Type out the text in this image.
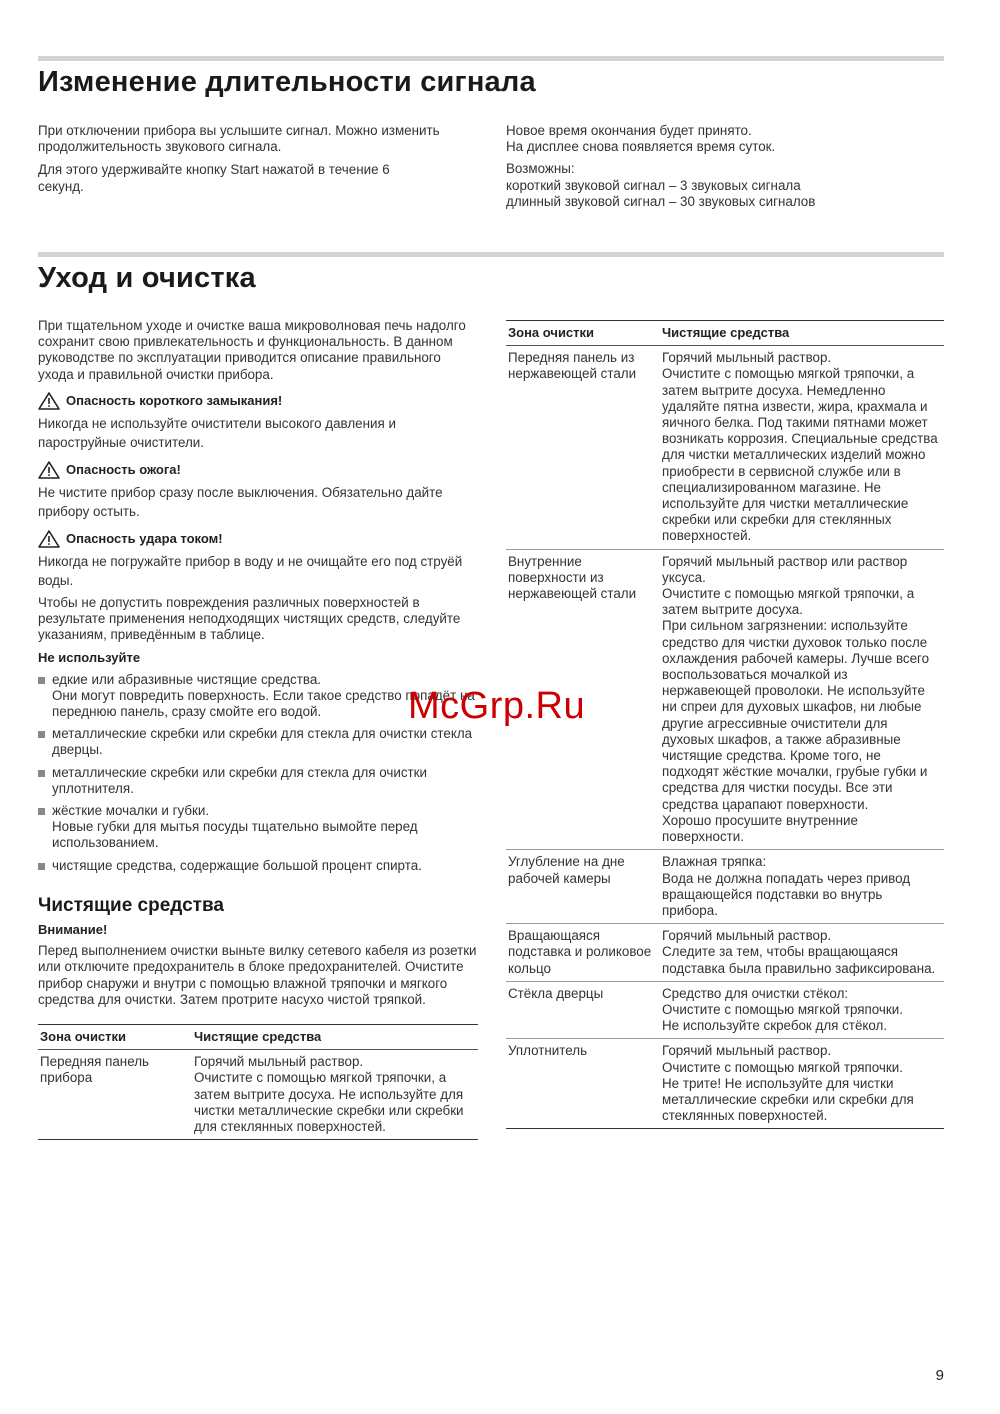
Изменение длительности сигнала

При отключении прибора вы услышите сигнал. Можно изменить продолжительность звукового сигнала.

Для этого удерживайте кнопку Start нажатой в течение 6 секунд.

Новое время окончания будет принято.
На дисплее снова появляется время суток.

Возможны:
короткий звуковой сигнал – 3 звуковых сигнала
длинный звуковой сигнал – 30 звуковых сигналов

Уход и очистка

При тщательном уходе и очистке ваша микроволновая печь надолго сохранит свою привлекательность и функциональность. В данном руководстве по эксплуатации приводится описание правильного ухода и правильной очистки прибора.

Опасность короткого замыкания!

Никогда не используйте очистители высокого давления и пароструйные очистители.

Опасность ожога!

Не чистите прибор сразу после выключения. Обязательно дайте прибору остыть.

Опасность удара током!

Никогда не погружайте прибор в воду и не очищайте его под струёй воды.

Чтобы не допустить повреждения различных поверхностей в результате применения неподходящих чистящих средств, следуйте указаниям, приведённым в таблице.

Не используйте
едкие или абразивные чистящие средства.
Они могут повредить поверхность. Если такое средство попадёт на переднюю панель, сразу смойте его водой.
металлические скребки или скребки для стекла для очистки стекла дверцы.
металлические скребки или скребки для стекла для очистки уплотнителя.
жёсткие мочалки и губки.
Новые губки для мытья посуды тщательно вымойте перед использованием.
чистящие средства, содержащие большой процент спирта.
Чистящие средства
Внимание!

Перед выполнением очистки выньте вилку сетевого кабеля из розетки или отключите предохранитель в блоке предохранителей. Очистите прибор снаружи и внутри с помощью влажной тряпочки и мягкого средства для очистки. Затем протрите насухо чистой тряпкой.

Зона очистки	Чистящие средства
Передняя панель прибора	Горячий мыльный раствор.
Очистите с помощью мягкой тряпочки, а затем вытрите досуха. Не используйте для чистки металлические скребки или скребки для стеклянных поверхностей.
Зона очистки	Чистящие средства
Передняя панель из нержавеющей стали	Горячий мыльный раствор.
Очистите с помощью мягкой тряпочки, а затем вытрите досуха. Немедленно удаляйте пятна извести, жира, крахмала и яичного белка. Под такими пятнами может возникать коррозия. Специальные средства для чистки металлических изделий можно приобрести в сервисной службе или в специализированном магазине. Не используйте для чистки металлические скребки или скребки для стеклянных поверхностей.

Внутренние поверхности из нержавеющей стали	Горячий мыльный раствор или раствор уксуса.
Очистите с помощью мягкой тряпочки, а затем вытрите досуха.
При сильном загрязнении: используйте средство для чистки духовок только после охлаждения рабочей камеры. Лучше всего воспользоваться мочалкой из нержавеющей проволоки. Не используйте ни спреи для духовых шкафов, ни любые другие агрессивные очистители для духовых шкафов, а также абразивные чистящие средства. Кроме того, не подходят жёсткие мочалки, грубые губки и средства для чистки посуды. Все эти средства царапают поверхности.
Хорошо просушите внутренние поверхности.

Углубление на дне рабочей камеры	Влажная тряпка:
Вода не должна попадать через привод вращающейся подставки во внутрь прибора.

Вращающаяся подставка и роликовое кольцо	Горячий мыльный раствор.
Следите за тем, чтобы вращающаяся подставка была правильно зафиксирована.

Стёкла дверцы	Средство для очистки стёкол:
Очистите с помощью мягкой тряпочки.
Не используйте скребок для стёкол.

Уплотнитель	Горячий мыльный раствор.
Очистите с помощью мягкой тряпочки.
Не трите! Не используйте для чистки металлические скребки или скребки для стеклянных поверхностей.
McGrp.Ru
9
